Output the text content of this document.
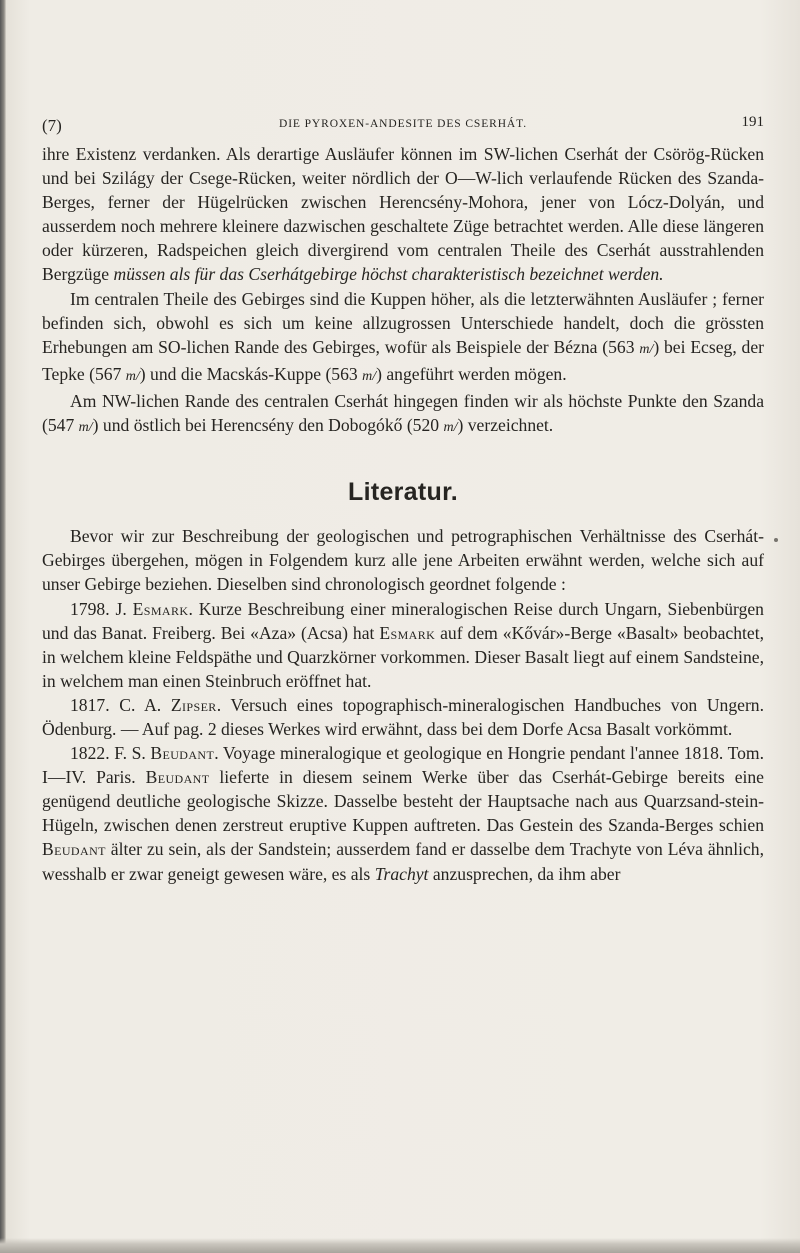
(7)	DIE PYROXEN-ANDESITE DES CSERHÁT.	191

ihre Existenz verdanken. Als derartige Ausläufer können im SW-lichen Cserhát der Csörög-Rücken und bei Szilágy der Csege-Rücken, weiter nördlich der O—W-lich verlaufende Rücken des Szanda-Berges, ferner der Hügelrücken zwischen Herencsény-Mohora, jener von Lócz-Dolyán, und ausserdem noch mehrere kleinere dazwischen geschaltete Züge betrachtet werden. Alle diese längeren oder kürzeren, Radspeichen gleich divergirend vom centralen Theile des Cserhát ausstrahlenden Bergzüge müssen als für das Cserhátgebirge höchst charakteristisch bezeichnet werden.

Im centralen Theile des Gebirges sind die Kuppen höher, als die letzterwähnten Ausläufer ; ferner befinden sich, obwohl es sich um keine allzugrossen Unterschiede handelt, doch die grössten Erhebungen am SO-lichen Rande des Gebirges, wofür als Beispiele der Bézna (563 m/) bei Ecseg, der Tepke (567 m/) und die Macskás-Kuppe (563 m/) angeführt werden mögen.

Am NW-lichen Rande des centralen Cserhát hingegen finden wir als höchste Punkte den Szanda (547 m/) und östlich bei Herencsény den Dobogókő (520 m/) verzeichnet.

Literatur.

Bevor wir zur Beschreibung der geologischen und petrographischen Verhältnisse des Cserhát-Gebirges übergehen, mögen in Folgendem kurz alle jene Arbeiten erwähnt werden, welche sich auf unser Gebirge beziehen. Dieselben sind chronologisch geordnet folgende :

1798. J. Esmark. Kurze Beschreibung einer mineralogischen Reise durch Ungarn, Siebenbürgen und das Banat. Freiberg. Bei «Aza» (Acsa) hat Esmark auf dem «Kővár»-Berge «Basalt» beobachtet, in welchem kleine Feldspäthe und Quarzkörner vorkommen. Dieser Basalt liegt auf einem Sandsteine, in welchem man einen Steinbruch eröffnet hat.

1817. C. A. Zipser. Versuch eines topographisch-mineralogischen Handbuches von Ungern. Ödenburg. — Auf pag. 2 dieses Werkes wird erwähnt, dass bei dem Dorfe Acsa Basalt vorkömmt.

1822. F. S. Beudant. Voyage mineralogique et geologique en Hongrie pendant l'annee 1818. Tom. I—IV. Paris. Beudant lieferte in diesem seinem Werke über das Cserhát-Gebirge bereits eine genügend deutliche geologische Skizze. Dasselbe besteht der Hauptsache nach aus Quarzsand-stein-Hügeln, zwischen denen zerstreut eruptive Kuppen auftreten. Das Gestein des Szanda-Berges schien Beudant älter zu sein, als der Sandstein; ausserdem fand er dasselbe dem Trachyte von Léva ähnlich, wesshalb er zwar geneigt gewesen wäre, es als Trachyt anzusprechen, da ihm aber
